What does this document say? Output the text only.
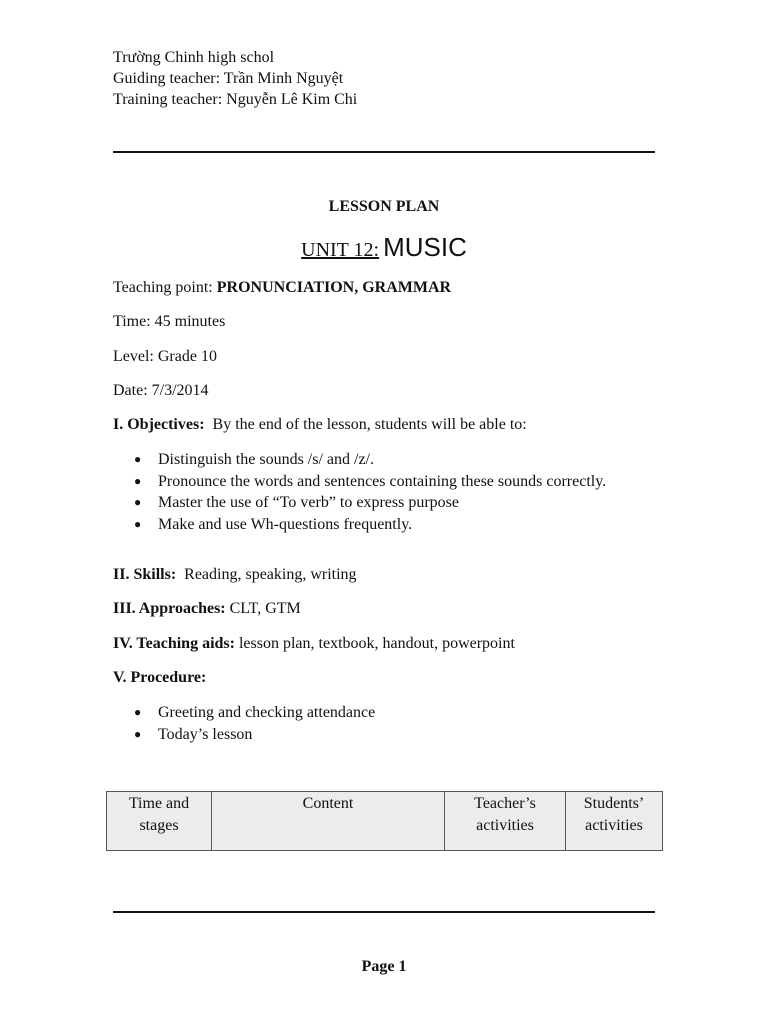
Trường Chinh high schol
Guiding teacher: Trần Minh Nguyệt
Training teacher: Nguyễn Lê Kim Chi
LESSON PLAN
UNIT 12: MUSIC
Teaching point: PRONUNCIATION, GRAMMAR
Time: 45 minutes
Level: Grade 10
Date: 7/3/2014
I. Objectives: By the end of the lesson, students will be able to:
● Distinguish the sounds /s/ and /z/.
● Pronounce the words and sentences containing these sounds correctly.
● Master the use of “To verb” to express purpose
● Make and use Wh-questions frequently.
II. Skills: Reading, speaking, writing
III. Approaches: CLT, GTM
IV. Teaching aids: lesson plan, textbook, handout, powerpoint
V. Procedure:
● Greeting and checking attendance
● Today’s lesson
Time and stages	Content	Teacher’s activities	Students’ activities
Page 1
